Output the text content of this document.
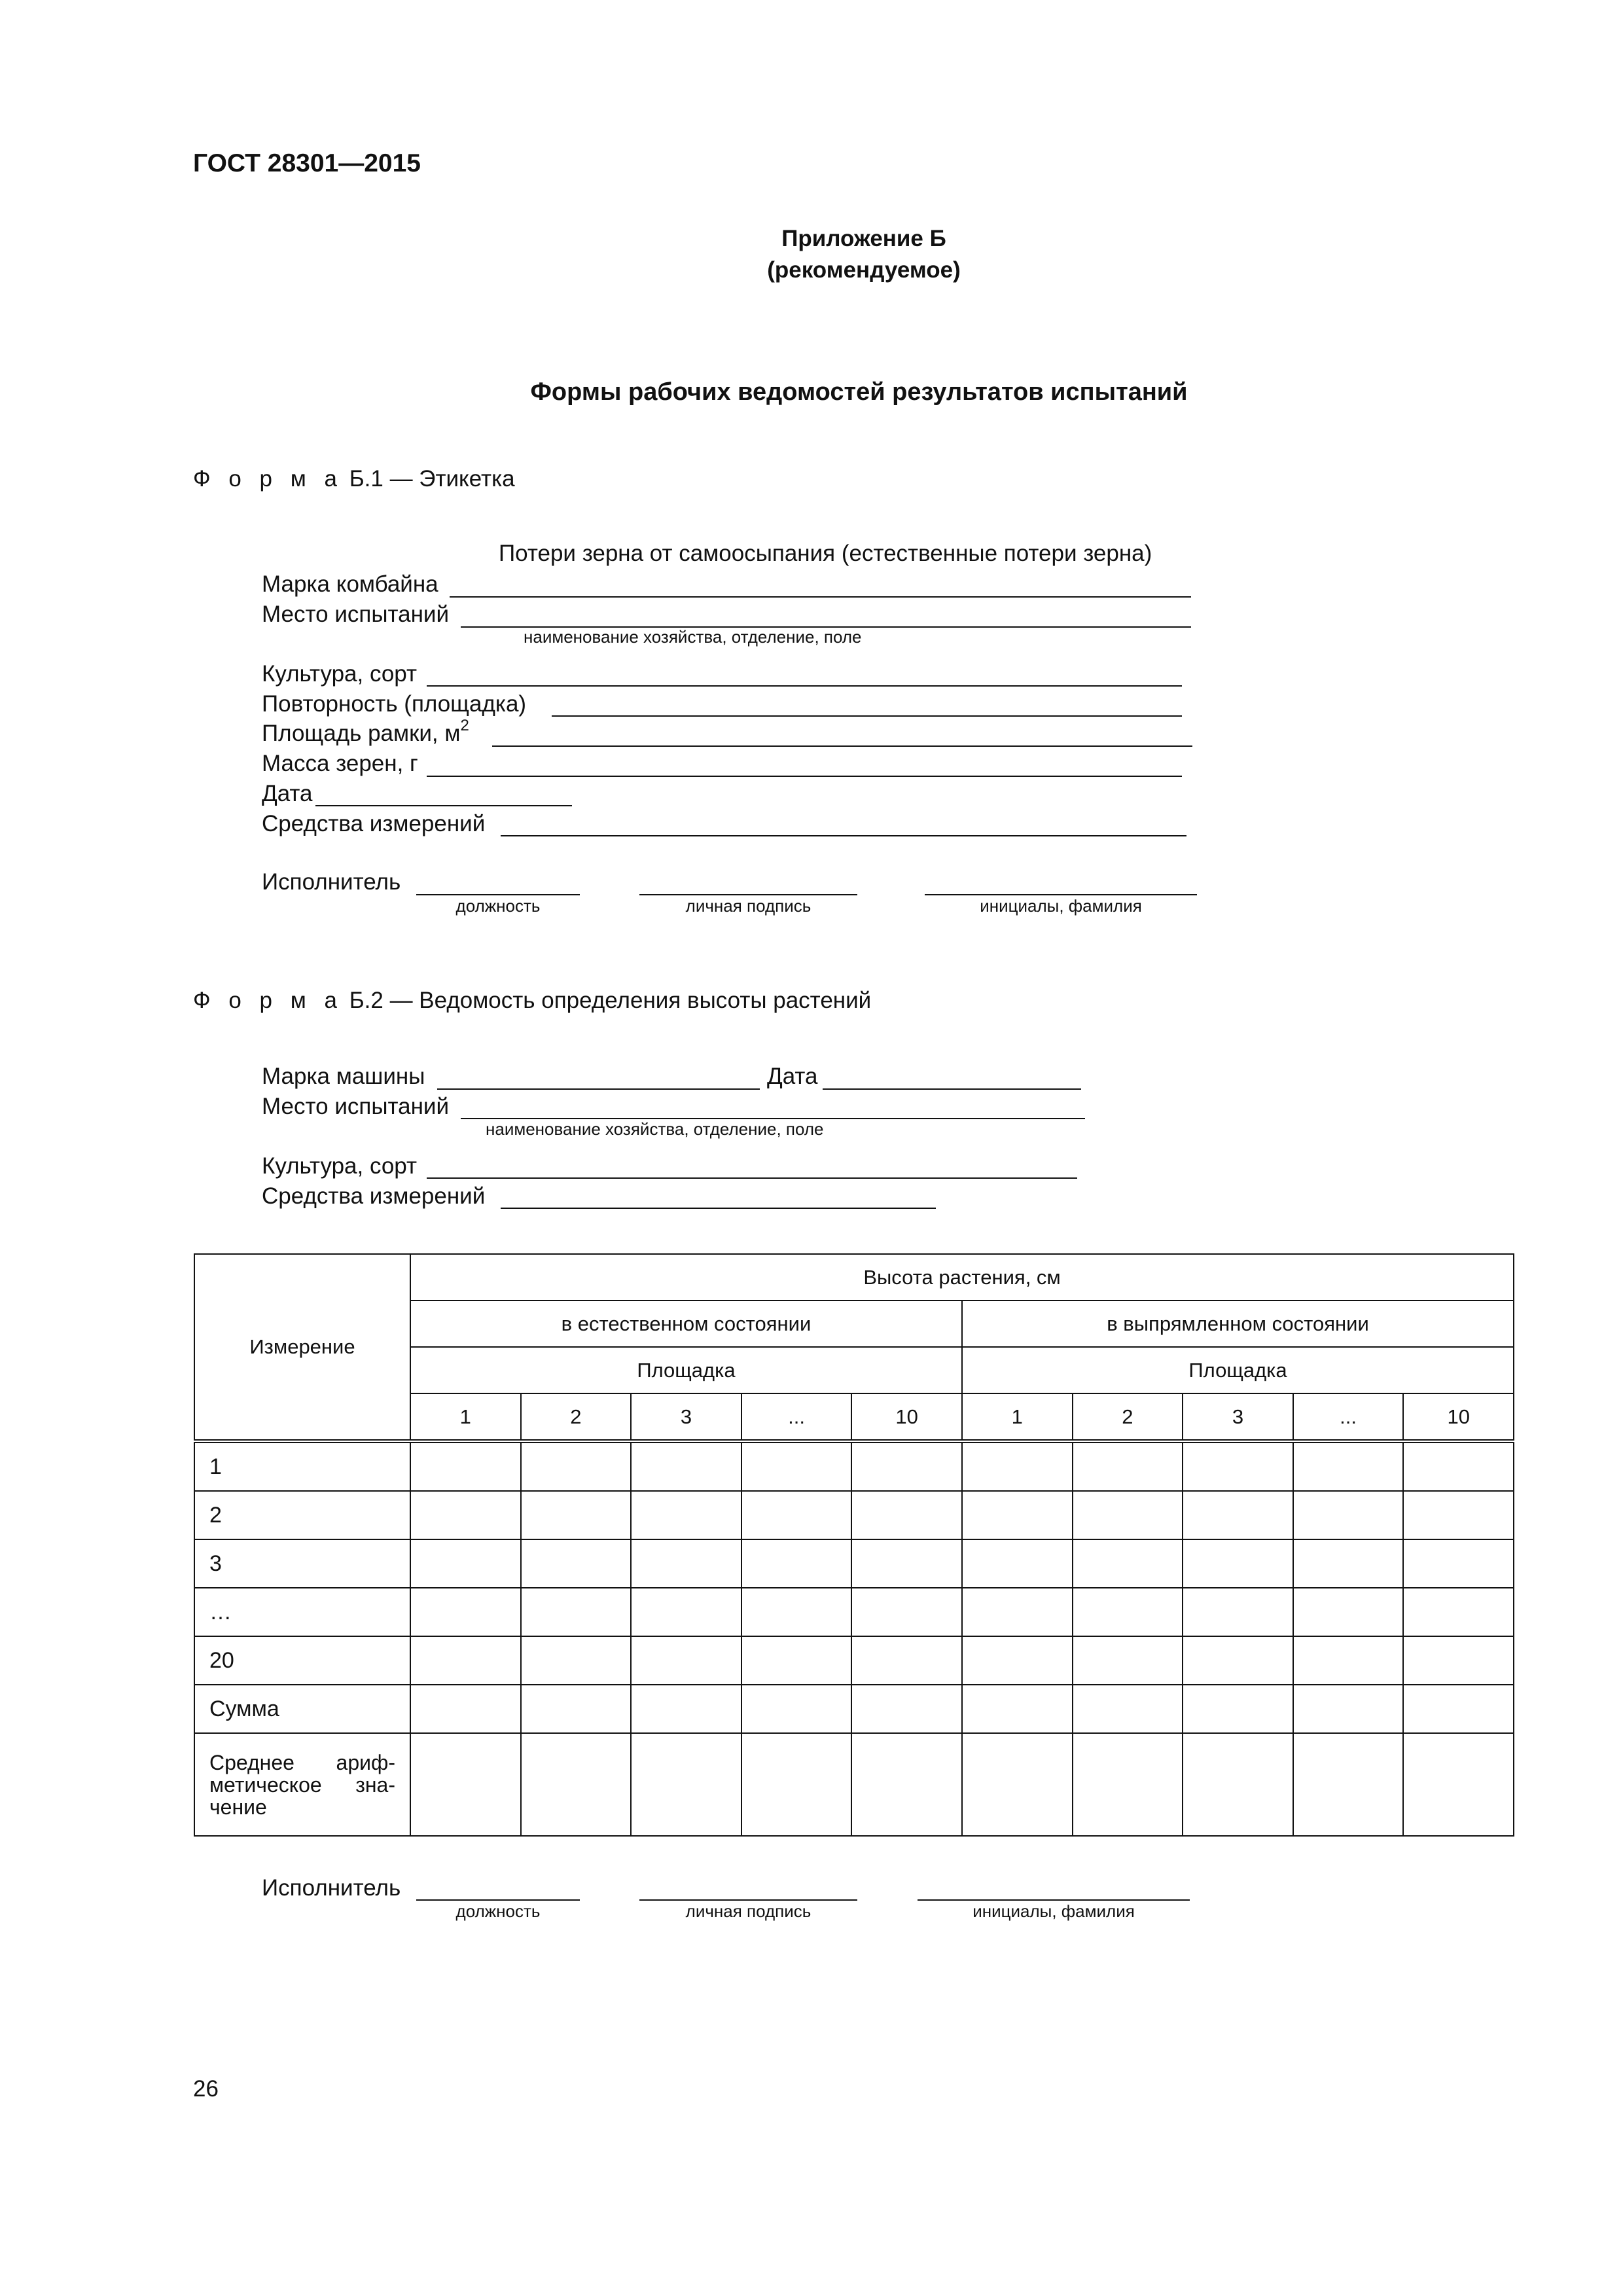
ГОСТ 28301—2015
Приложение Б
(рекомендуемое)
Формы рабочих ведомостей результатов испытаний
Ф о р м а Б.1 — Этикетка
Потери зерна от самоосыпания (естественные потери зерна)
Марка комбайна
Место испытаний
наименование хозяйства, отделение, поле
Культура, сорт
Повторность (площадка)
Площадь рамки, $м^2$
Масса зерен, г
Дата
Средства измерений
Исполнитель
должность	личная подпись	инициалы, фамилия
Ф о р м а Б.2 — Ведомость определения высоты растений
Марка машины	Дата
Место испытаний
наименование хозяйства, отделение, поле
Культура, сорт
Средства измерений
Измерение	Высота растения, см									
	в естественном состоянии					в выпрямленном состоянии				
	Площадка					Площадка				
	1	2	3	...	10	1	2	3	...	10
1										
2										
3										
…										
20										
Сумма										
Среднее ариф-метическое зна-чение										
Исполнитель
должность	личная подпись	инициалы, фамилия
26
